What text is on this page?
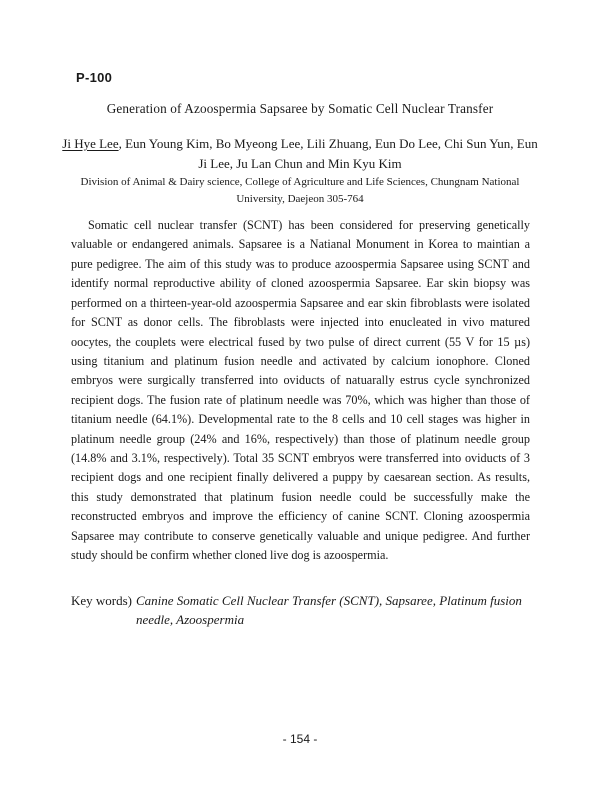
P-100
Generation of Azoospermia Sapsaree by Somatic Cell Nuclear Transfer
Ji Hye Lee, Eun Young Kim, Bo Myeong Lee, Lili Zhuang, Eun Do Lee, Chi Sun Yun, Eun Ji Lee, Ju Lan Chun and Min Kyu Kim
Division of Animal & Dairy science, College of Agriculture and Life Sciences, Chungnam National University, Daejeon 305-764

Somatic cell nuclear transfer (SCNT) has been considered for preserving genetically valuable or endangered animals. Sapsaree is a Natianal Monument in Korea to maintian a pure pedigree. The aim of this study was to produce azoospermia Sapsaree using SCNT and identify normal reproductive ability of cloned azoospermia Sapsaree. Ear skin biopsy was performed on a thirteen-year-old azoospermia Sapsaree and ear skin fibroblasts were isolated for SCNT as donor cells. The fibroblasts were injected into enucleated in vivo matured oocytes, the couplets were electrical fused by two pulse of direct current (55 V for 15 µs) using titanium and platinum fusion needle and activated by calcium ionophore. Cloned embryos were surgically transferred into oviducts of natuarally estrus cycle synchronized recipient dogs. The fusion rate of platinum needle was 70%, which was higher than those of titanium needle (64.1%). Developmental rate to the 8 cells and 10 cell stages was higher in platinum needle group (24% and 16%, respectively) than those of platinum needle group (14.8% and 3.1%, respectively). Total 35 SCNT embryos were transferred into oviducts of 3 recipient dogs and one recipient finally delivered a puppy by caesarean section. As results, this study demonstrated that platinum fusion needle could be successfully make the reconstructed embryos and improve the efficiency of canine SCNT. Cloning azoospermia Sapsaree may contribute to conserve genetically valuable and unique pedigree. And further study should be confirm whether cloned live dog is azoospermia.

Key words) Canine Somatic Cell Nuclear Transfer (SCNT), Sapsaree, Platinum fusion needle, Azoospermia
- 154 -
